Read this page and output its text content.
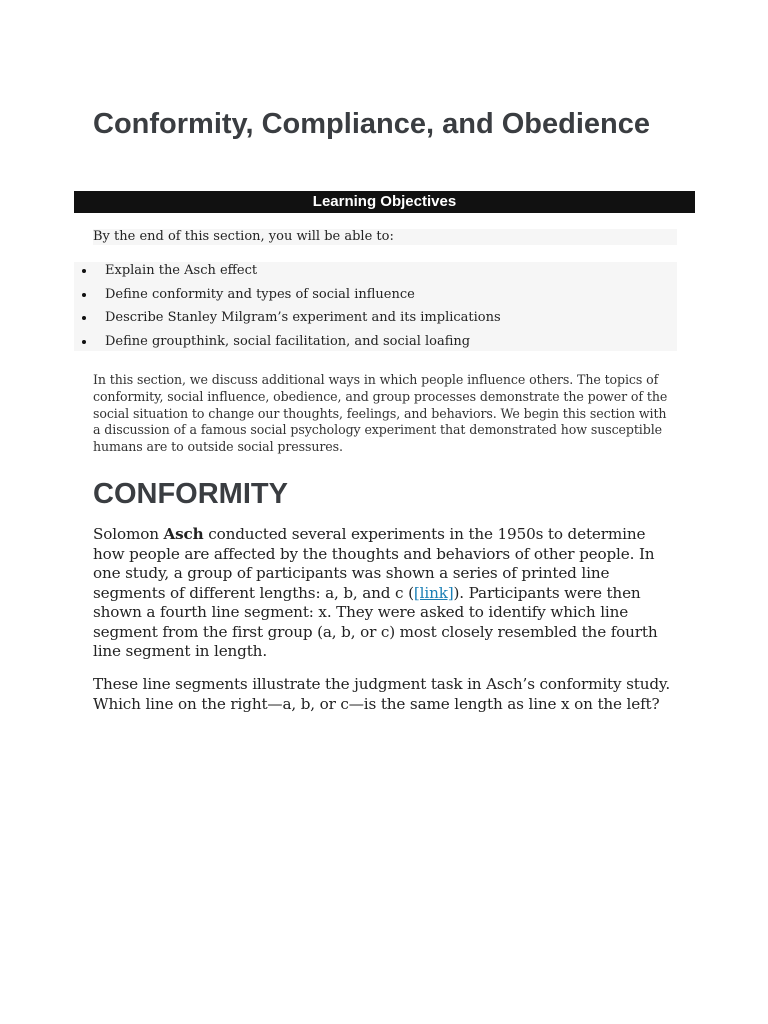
Conformity, Compliance, and Obedience
Learning Objectives
By the end of this section, you will be able to:
Explain the Asch effect
Define conformity and types of social influence
Describe Stanley Milgram’s experiment and its implications
Define groupthink, social facilitation, and social loafing

In this section, we discuss additional ways in which people influence others. The topics of conformity, social influence, obedience, and group processes demonstrate the power of the social situation to change our thoughts, feelings, and behaviors. We begin this section with a discussion of a famous social psychology experiment that demonstrated how susceptible humans are to outside social pressures.

CONFORMITY

Solomon Asch conducted several experiments in the 1950s to determine how people are affected by the thoughts and behaviors of other people. In one study, a group of participants was shown a series of printed line segments of different lengths: a, b, and c ([link]). Participants were then shown a fourth line segment: x. They were asked to identify which line segment from the first group (a, b, or c) most closely resembled the fourth line segment in length.

These line segments illustrate the judgment task in Asch’s conformity study. Which line on the right—a, b, or c—is the same length as line x on the left?
